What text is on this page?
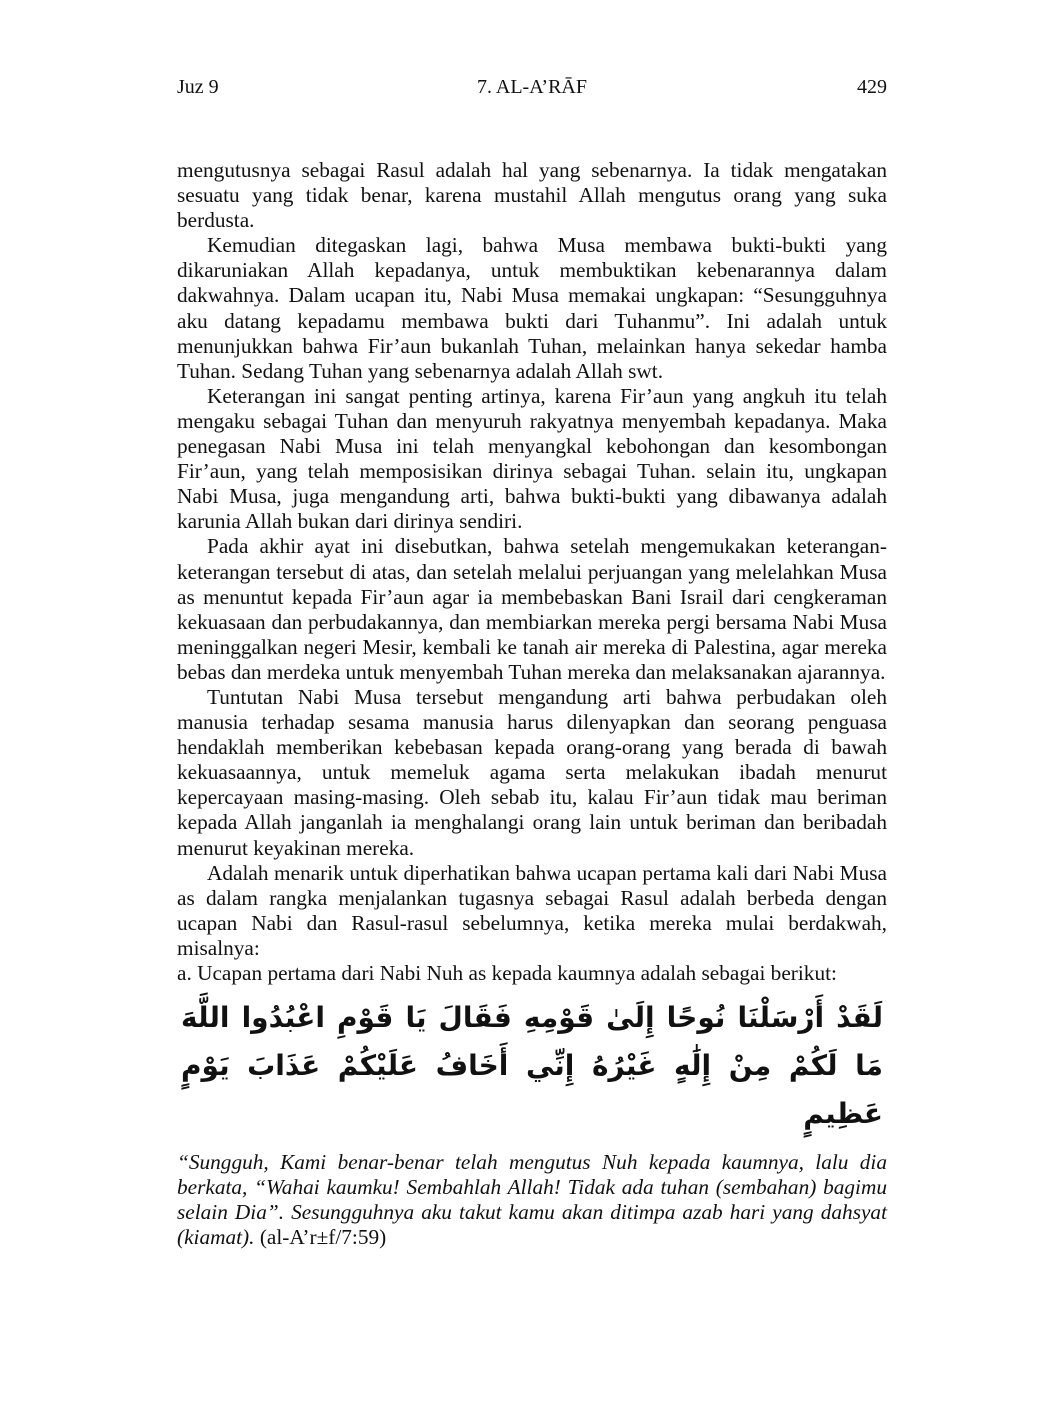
7. AL-A’RĀF
Juz 9	429

mengutusnya sebagai Rasul adalah hal yang sebenarnya. Ia tidak mengatakan sesuatu yang tidak benar, karena mustahil Allah mengutus orang yang suka berdusta.

Kemudian ditegaskan lagi, bahwa Musa membawa bukti-bukti yang dikaruniakan Allah kepadanya, untuk membuktikan kebenarannya dalam dakwahnya. Dalam ucapan itu, Nabi Musa memakai ungkapan: “Sesungguhnya aku datang kepadamu membawa bukti dari Tuhanmu”. Ini adalah untuk menunjukkan bahwa Fir’aun bukanlah Tuhan, melainkan hanya sekedar hamba Tuhan. Sedang Tuhan yang sebenarnya adalah Allah swt.

Keterangan ini sangat penting artinya, karena Fir’aun yang angkuh itu telah mengaku sebagai Tuhan dan menyuruh rakyatnya menyembah kepadanya. Maka penegasan Nabi Musa ini telah menyangkal kebohongan dan kesombongan Fir’aun, yang telah memposisikan dirinya sebagai Tuhan. selain itu, ungkapan Nabi Musa, juga mengandung arti, bahwa bukti-bukti yang dibawanya adalah karunia Allah bukan dari dirinya sendiri.

Pada akhir ayat ini disebutkan, bahwa setelah mengemukakan keterangan-keterangan tersebut di atas, dan setelah melalui perjuangan yang melelahkan Musa as menuntut kepada Fir’aun agar ia membebaskan Bani Israil dari cengkeraman kekuasaan dan perbudakannya, dan membiarkan mereka pergi bersama Nabi Musa meninggalkan negeri Mesir, kembali ke tanah air mereka di Palestina, agar mereka bebas dan merdeka untuk menyembah Tuhan mereka dan melaksanakan ajarannya.

Tuntutan Nabi Musa tersebut mengandung arti bahwa perbudakan oleh manusia terhadap sesama manusia harus dilenyapkan dan seorang penguasa hendaklah memberikan kebebasan kepada orang-orang yang berada di bawah kekuasaannya, untuk memeluk agama serta melakukan ibadah menurut kepercayaan masing-masing. Oleh sebab itu, kalau Fir’aun tidak mau beriman kepada Allah janganlah ia menghalangi orang lain untuk beriman dan beribadah menurut keyakinan mereka.

Adalah menarik untuk diperhatikan bahwa ucapan pertama kali dari Nabi Musa as dalam rangka menjalankan tugasnya sebagai Rasul adalah berbeda dengan ucapan Nabi dan Rasul-rasul sebelumnya, ketika mereka mulai berdakwah, misalnya:

a. Ucapan pertama dari Nabi Nuh as kepada kaumnya adalah sebagai berikut:

لَقَدْ أَرْسَلْنَا نُوحًا إِلَىٰ قَوْمِهِ فَقَالَ يَا قَوْمِ اعْبُدُوا اللَّهَ مَا لَكُمْ مِنْ إِلَٰهٍ غَيْرُهُ إِنِّي أَخَافُ عَلَيْكُمْ عَذَابَ يَوْمٍ عَظِيمٍ

“Sungguh, Kami benar-benar telah mengutus Nuh kepada kaumnya, lalu dia berkata, “Wahai kaumku! Sembahlah Allah! Tidak ada tuhan (sembahan) bagimu selain Dia”. Sesungguhnya aku takut kamu akan ditimpa azab hari yang dahsyat (kiamat). (al-A’r±f/7:59)
